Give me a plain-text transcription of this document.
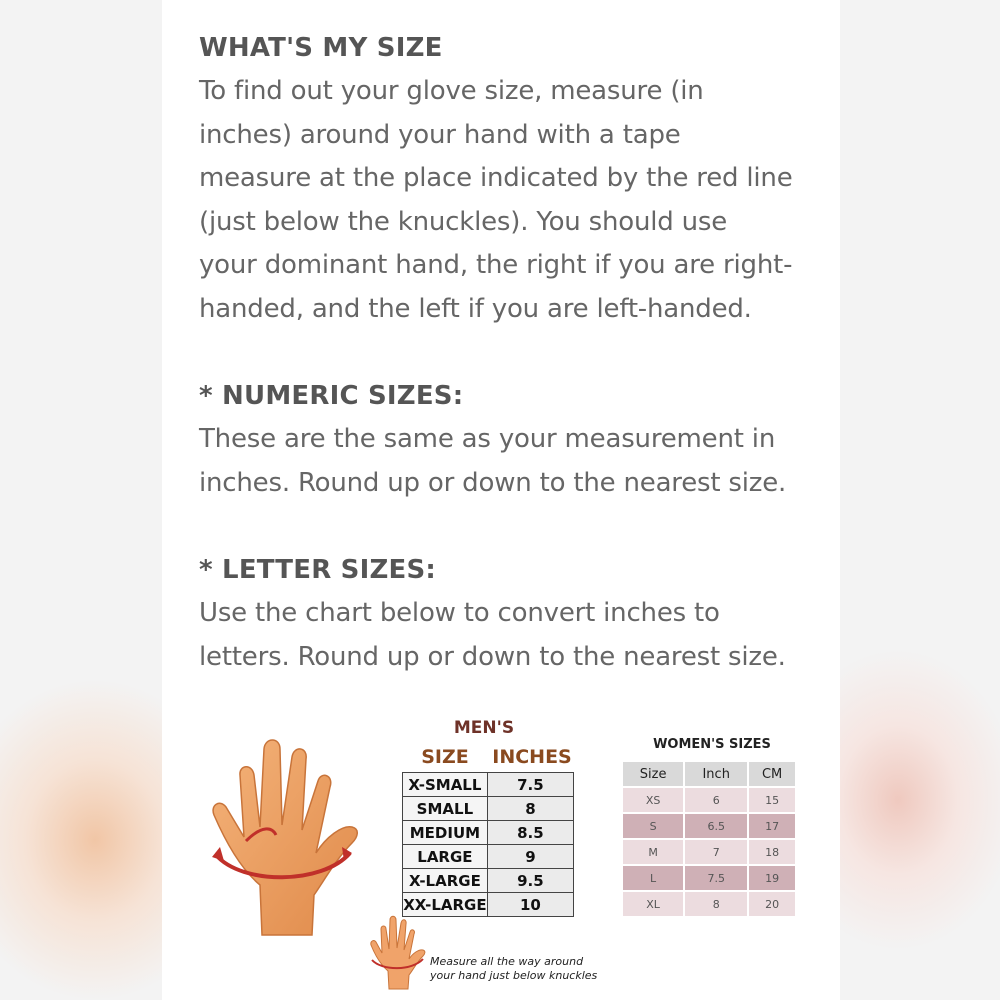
WHAT'S MY SIZE
To find out your glove size, measure (in
inches) around your hand with a tape
measure at the place indicated by the red line
(just below the knuckles). You should use
your dominant hand, the right if you are right-
handed, and the left if you are left-handed.
* NUMERIC SIZES:
These are the same as your measurement in
inches. Round up or down to the nearest size.
* LETTER SIZES:
Use the chart below to convert inches to
letters. Round up or down to the nearest size.
MEN'S
SIZE	INCHES
X-SMALL	7.5
SMALL	8
MEDIUM	8.5
LARGE	9
X-LARGE	9.5
XX-LARGE	10
Measure all the way around
your hand just below knuckles
WOMEN'S SIZES
Size	Inch	CM
XS	6	15
S	6.5	17
M	7	18
L	7.5	19
XL	8	20
